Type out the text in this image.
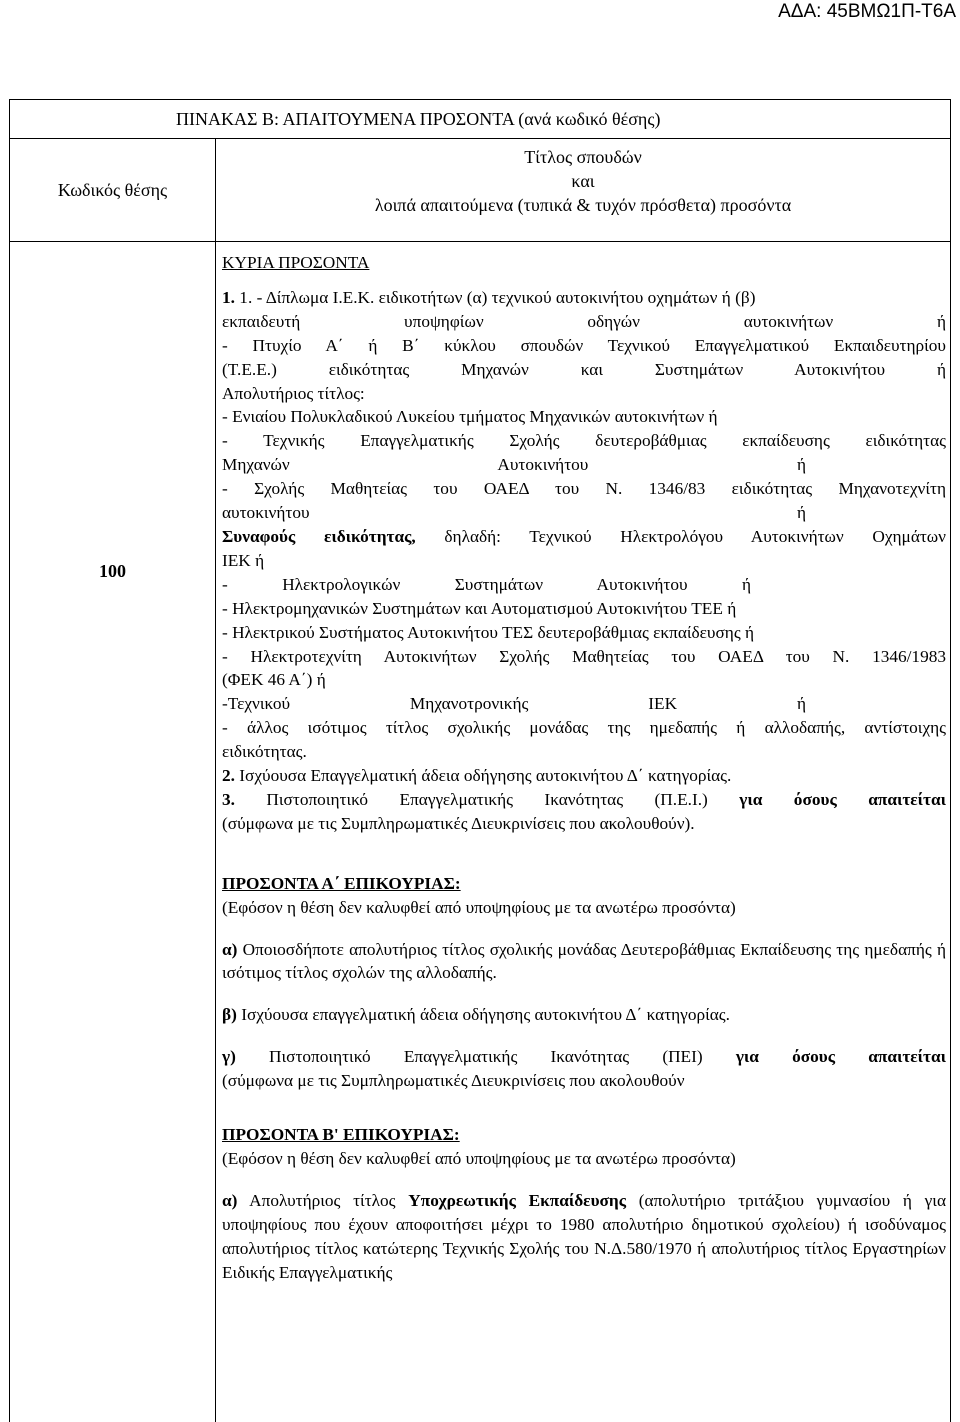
ΑΔΑ: 45ΒΜΩ1Π-Τ6Α
ΠΙΝΑΚΑΣ Β: ΑΠΑΙΤΟΥΜΕΝΑ ΠΡΟΣΟΝΤΑ (ανά κωδικό θέσης)
Κωδικός θέσης
Τίτλος σπουδών
και
λοιπά απαιτούμενα (τυπικά & τυχόν πρόσθετα) προσόντα
100

ΚΥΡΙΑ ΠΡΟΣΟΝΤΑ

1. 1. - Δίπλωμα Ι.Ε.Κ. ειδικοτήτων (α) τεχνικού αυτοκινήτου οχημάτων ή (β)

εκπαιδευτή υποψηφίων οδηγών αυτοκινήτων ή

- Πτυχίο Α΄ ή Β΄ κύκλου σπουδών Τεχνικού Επαγγελματικού Εκπαιδευτηρίου

(Τ.Ε.Ε.) ειδικότητας Μηχανών και Συστημάτων Αυτοκινήτου ή

Απολυτήριος τίτλος:

- Ενιαίου Πολυκλαδικού Λυκείου τμήματος Μηχανικών αυτοκινήτων ή

- Τεχνικής Επαγγελματικής Σχολής δευτεροβάθμιας εκπαίδευσης ειδικότητας

Μηχανών Αυτοκινήτου ή

- Σχολής Μαθητείας του ΟΑΕΔ του Ν. 1346/83 ειδικότητας Μηχανοτεχνίτη

αυτοκινήτου ή

Συναφούς ειδικότητας, δηλαδή: Τεχνικού Ηλεκτρολόγου Αυτοκινήτων Οχημάτων

ΙΕΚ ή

- Ηλεκτρολογικών Συστημάτων Αυτοκινήτου ή

- Ηλεκτρομηχανικών Συστημάτων και Αυτοματισμού Αυτοκινήτου ΤΕΕ ή

- Ηλεκτρικού Συστήματος Αυτοκινήτου ΤΕΣ δευτεροβάθμιας εκπαίδευσης ή

- Ηλεκτροτεχνίτη Αυτοκινήτων Σχολής Μαθητείας του ΟΑΕΔ του Ν. 1346/1983

(ΦΕΚ 46 Α΄) ή

-Τεχνικού Μηχανοτρονικής ΙΕΚ ή

- άλλος ισότιμος τίτλος σχολικής μονάδας της ημεδαπής ή αλλοδαπής, αντίστοιχης

ειδικότητας.

2. Ισχύουσα Επαγγελματική άδεια οδήγησης αυτοκινήτου Δ΄ κατηγορίας.

3. Πιστοποιητικό Επαγγελματικής Ικανότητας (Π.Ε.Ι.) για όσους απαιτείται

(σύμφωνα με τις Συμπληρωματικές Διευκρινίσεις που ακολουθούν).

ΠΡΟΣΟΝΤΑ Α΄ ΕΠΙΚΟΥΡΙΑΣ:

(Εφόσον η θέση δεν καλυφθεί από υποψηφίους με τα ανωτέρω προσόντα)

α) Οποιοσδήποτε απολυτήριος τίτλος σχολικής μονάδας Δευτεροβάθμιας Εκπαίδευσης της ημεδαπής ή ισότιμος τίτλος σχολών της αλλοδαπής.

β) Ισχύουσα επαγγελματική άδεια οδήγησης αυτοκινήτου Δ΄ κατηγορίας.

γ) Πιστοποιητικό Επαγγελματικής Ικανότητας (ΠΕΙ) για όσους απαιτείται

(σύμφωνα με τις Συμπληρωματικές Διευκρινίσεις που ακολουθούν

ΠΡΟΣΟΝΤΑ Β' ΕΠΙΚΟΥΡΙΑΣ:

(Εφόσον η θέση δεν καλυφθεί από υποψηφίους με τα ανωτέρω προσόντα)

α) Απολυτήριος τίτλος Υποχρεωτικής Εκπαίδευσης (απολυτήριο τριτάξιου γυμνασίου ή για υποψηφίους που έχουν αποφοιτήσει μέχρι το 1980 απολυτήριο δημοτικού σχολείου) ή ισοδύναμος απολυτήριος τίτλος κατώτερης Τεχνικής Σχολής του Ν.Δ.580/1970 ή απολυτήριος τίτλος Εργαστηρίων Ειδικής Επαγγελματικής
